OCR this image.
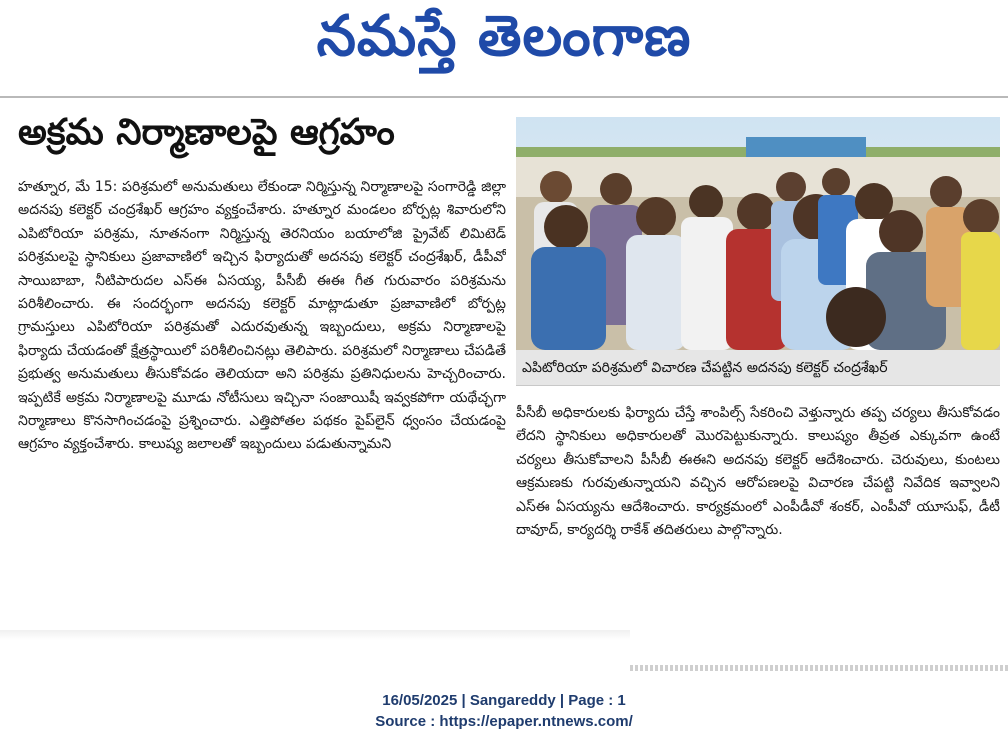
నమస్తే తెలంగాణ
అక్రమ నిర్మాణాలపై ఆగ్రహం

హత్నూర, మే 15: పరిశ్రమలో అనుమతులు లేకుండా నిర్మిస్తున్న నిర్మాణాలపై సంగారెడ్డి జిల్లా అదనపు కలెక్టర్ చంద్రశేఖర్ ఆగ్రహం వ్యక్తంచేశారు. హత్నూర మండలం బోర్పట్ల శివారులోని ఎపిటోరియా పరిశ్రమ, నూతనంగా నిర్మిస్తున్న తెరనియం బయాలోజి ప్రైవేట్ లిమిటెడ్ పరిశ్రమలపై స్థానికులు ప్రజావాణిలో ఇచ్చిన ఫిర్యాదుతో అదనపు కలెక్టర్ చంద్రశేఖర్, డీపీవో సాయిబాబా, నీటిపారుదల ఎస్ఈ ఏసయ్య, పీసీబీ ఈఈ గీత గురువారం పరిశ్రమను పరిశీలించారు. ఈ సందర్భంగా అదనపు కలెక్టర్ మాట్లాడుతూ ప్రజావాణిలో బోర్పట్ల గ్రామస్తులు ఎపిటోరియా పరిశ్రమతో ఎదురవుతున్న ఇబ్బందులు, అక్రమ నిర్మాణాలపై ఫిర్యాదు చేయడంతో క్షేత్రస్థాయిలో పరిశీలించినట్లు తెలిపారు. పరిశ్రమలో నిర్మాణాలు చేపడితే ప్రభుత్వ అనుమతులు తీసుకోవడం తెలియదా అని పరిశ్రమ ప్రతినిధులను హెచ్చరించారు. ఇప్పటికే అక్రమ నిర్మాణాలపై మూడు నోటీసులు ఇచ్చినా సంజాయిషీ ఇవ్వకపోగా యథేచ్ఛగా నిర్మాణాలు కొనసాగించడంపై ప్రశ్నించారు. ఎత్తిపోతల పథకం పైప్‌లైన్ ధ్వంసం చేయడంపై ఆగ్రహం వ్యక్తంచేశారు. కాలుష్య జలాలతో ఇబ్బందులు పడుతున్నామని

ఎపిటోరియా పరిశ్రమలో విచారణ చేపట్టిన అదనపు కలెక్టర్ చంద్రశేఖర్

పీసీబీ అధికారులకు ఫిర్యాదు చేస్తే శాంపిల్స్ సేకరించి వెళ్తున్నారు తప్ప చర్యలు తీసుకోవడం లేదని స్థానికులు అధికారులతో మొరపెట్టుకున్నారు. కాలుష్యం తీవ్రత ఎక్కువగా ఉంటే చర్యలు తీసుకోవాలని పీసీబీ ఈఈని అదనపు కలెక్టర్ ఆదేశించారు. చెరువులు, కుంటలు ఆక్రమణకు గురవుతున్నాయని వచ్చిన ఆరోపణలపై విచారణ చేపట్టి నివేదిక ఇవ్వాలని ఎస్ఈ ఏసయ్యను ఆదేశించారు. కార్యక్రమంలో ఎంపీడీవో శంకర్, ఎంపీవో యూసుఫ్, డీటీ దావూద్, కార్యదర్శి రాకేశ్ తదితరులు పాల్గొన్నారు.

16/05/2025 | Sangareddy | Page : 1
Source : https://epaper.ntnews.com/
